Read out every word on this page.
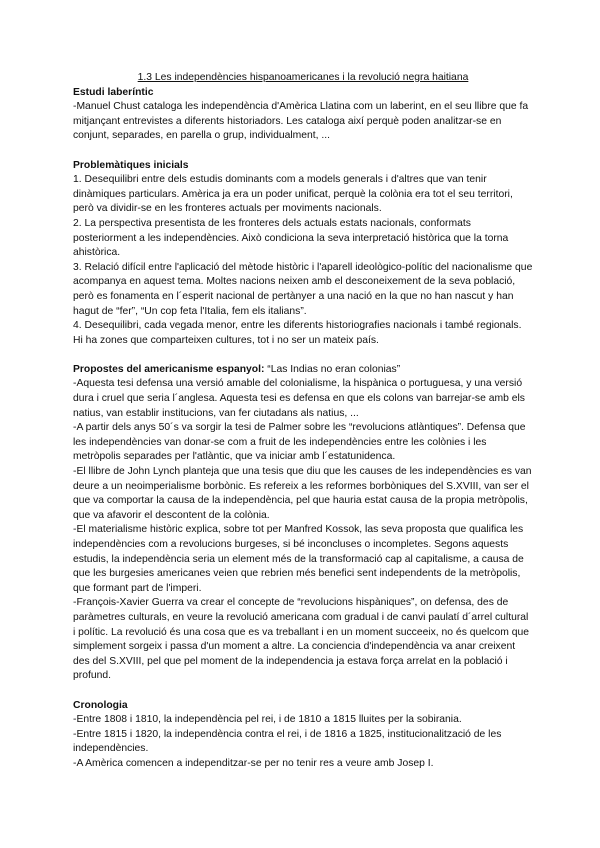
1.3 Les independències hispanoamericanes i la revolució negra haitiana

Estudi laberíntic

-Manuel Chust cataloga les independència d'Amèrica Llatina com un laberint, en el seu llibre que fa mitjançant entrevistes a diferents historiadors. Les cataloga així perquè poden analitzar-se en conjunt, separades, en parella o grup, individualment, ...

Problemàtiques inicials

1. Desequilibri entre dels estudis dominants com a models generals i d'altres que van tenir dinàmiques particulars. Amèrica ja era un poder unificat, perquè la colònia era tot el seu territori, però va dividir-se en les fronteres actuals per moviments nacionals.

2. La perspectiva presentista de les fronteres dels actuals estats nacionals, conformats posteriorment a les independències. Això condiciona la seva interpretació històrica que la torna ahistòrica.

3. Relació difícil entre l'aplicació del mètode històric i l'aparell ideològico-polític del nacionalisme que acompanya en aquest tema. Moltes nacions neixen amb el desconeixement de la seva població, però es fonamenta en l´esperit nacional de pertànyer a una nació en la que no han nascut y han hagut de “fer”, “Un cop feta l'Italia, fem els italians”.

4. Desequilibri, cada vegada menor, entre les diferents historiografies nacionals i també regionals. Hi ha zones que comparteixen cultures, tot i no ser un mateix país.

Propostes del americanisme espanyol: “Las Indias no eran colonias”

-Aquesta tesi defensa una versió amable del colonialisme, la hispànica o portuguesa, y una versió dura i cruel que seria l´anglesa. Aquesta tesi es defensa en que els colons van barrejar-se amb els natius, van establir institucions, van fer ciutadans als natius, ...

-A partir dels anys 50´s va sorgir la tesi de Palmer sobre les “revolucions atlàntiques”. Defensa que les independències van donar-se com a fruit de les independències entre les colònies i les metròpolis separades per l'atlàntic, que va iniciar amb l´estatunidenca.

-El llibre de John Lynch planteja que una tesis que diu que les causes de les independències es van deure a un neoimperialisme borbònic. Es refereix a les reformes borbòniques del S.XVIII, van ser el que va comportar la causa de la independència, pel que hauria estat causa de la propia metròpolis, que va afavorir el descontent de la colònia.

-El materialisme històric explica, sobre tot per Manfred Kossok, las seva proposta que qualifica les independències com a revolucions burgeses, si bé inconcluses o incompletes. Segons aquests estudis, la independència seria un element més de la transformació cap al capitalisme, a causa de que les burgesies americanes veien que rebrien més benefici sent independents de la metròpolis, que formant part de l'imperi.

-François-Xavier Guerra va crear el concepte de “revolucions hispàniques”, on defensa, des de paràmetres culturals, en veure la revolució americana com gradual i de canvi paulatí d´arrel cultural i polític. La revolució és una cosa que es va treballant i en un moment succeeix, no és quelcom que simplement sorgeix i passa d'un moment a altre. La conciencia d'independència va anar creixent des del S.XVIII, pel que pel moment de la independencia ja estava força arrelat en la població i profund.

Cronologia

-Entre 1808 i 1810, la independència pel rei, i de 1810 a 1815 lluites per la sobirania.

-Entre 1815 i 1820, la independència contra el rei, i de 1816 a 1825, institucionalització de les independències.

-A Amèrica comencen a independitzar-se per no tenir res a veure amb Josep I.
